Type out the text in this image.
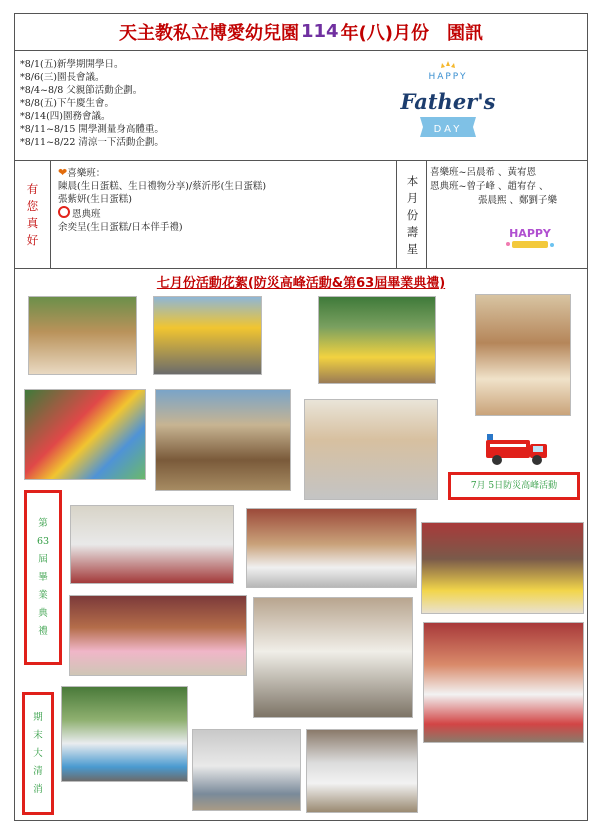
天主教私立博愛幼兒園 114 年(八)月份 園訊
*8/1(五)新學期開學日。
*8/6(三)園長會議。
*8/4~8/8 父親節活動企劃。
*8/8(五)下午慶生會。
*8/14(四)園務會議。
*8/11~8/15 開學測量身高體重。
*8/11~8/22 清涼一下活動企劃。
HAPPY
Father's
DAY
有
您
真
好
❤喜樂班：
陳晨(生日蛋糕、生日禮物分享)/蔡沂彤(生日蛋糕)
張紫妍(生日蛋糕)
恩典班
余奕呈(生日蛋糕/日本伴手禮)
本
月
份
壽
星
喜樂班~呂晨希 、黃宥恩
恩典班~曾子峰 、趙宥存 、
張晨熙 、鄭劉子樂
HAPPY
七月份活動花絮(防災高峰活動&第63屆畢業典禮)
7月 5日防災高峰活動
第
63
屆
畢
業
典
禮
期
末
大
清
消
